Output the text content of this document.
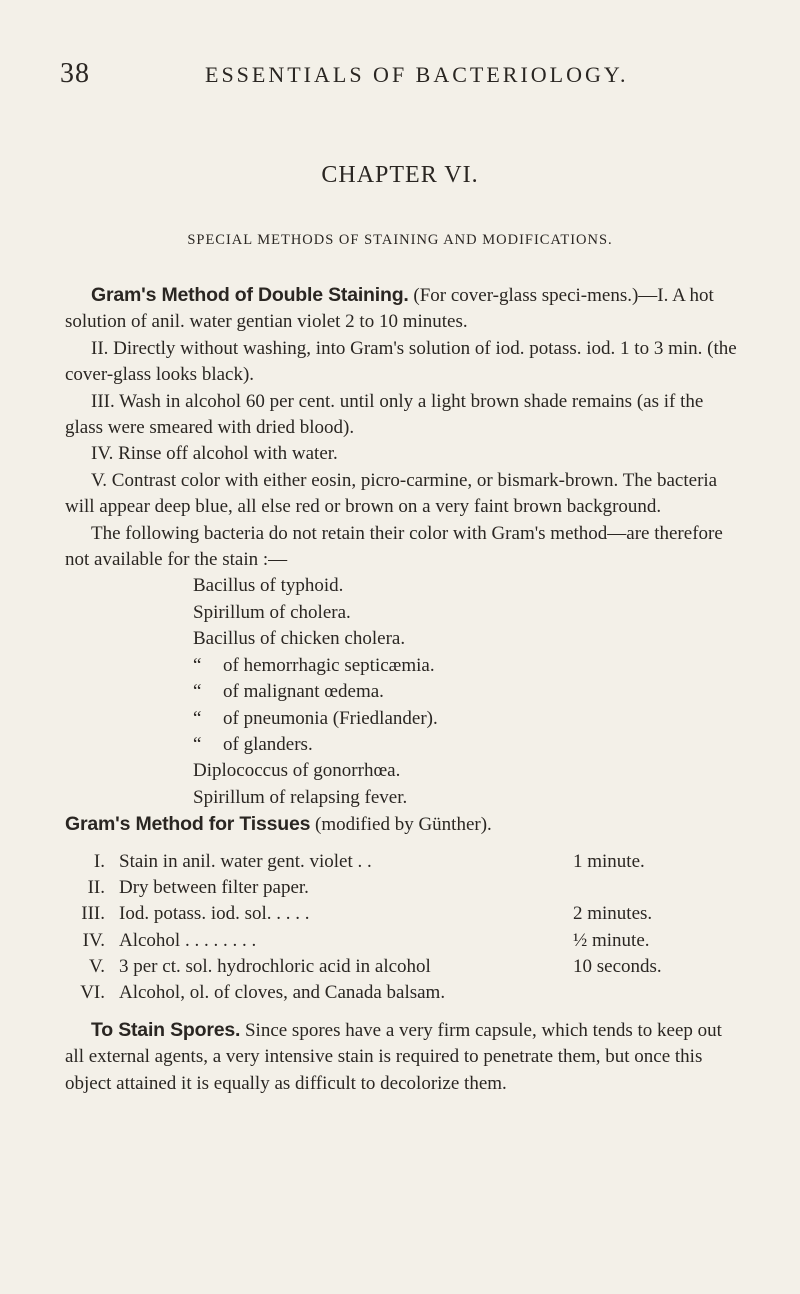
38	ESSENTIALS OF BACTERIOLOGY.
CHAPTER VI.
SPECIAL METHODS OF STAINING AND MODIFICATIONS.

Gram's Method of Double Staining. (For cover-glass speci-mens.)—I. A hot solution of anil. water gentian violet 2 to 10 minutes.

II. Directly without washing, into Gram's solution of iod. potass. iod. 1 to 3 min. (the cover-glass looks black).

III. Wash in alcohol 60 per cent. until only a light brown shade remains (as if the glass were smeared with dried blood).

IV. Rinse off alcohol with water.

V. Contrast color with either eosin, picro-carmine, or bismark-brown. The bacteria will appear deep blue, all else red or brown on a very faint brown background.

The following bacteria do not retain their color with Gram's method—are therefore not available for the stain :—

Bacillus of typhoid.

Spirillum of cholera.

Bacillus of chicken cholera.

“ of hemorrhagic septicæmia.

“ of malignant œdema.

“ of pneumonia (Friedlander).

“ of glanders.

Diplococcus of gonorrhœa.

Spirillum of relapsing fever.

Gram's Method for Tissues (modified by Günther).

I. Stain in anil. water gent. violet . .	1 minute.
II. Dry between filter paper.
III. Iod. potass. iod. sol. . . . .	2 minutes.
IV. Alcohol . . . . . . . .	½ minute.
V. 3 per ct. sol. hydrochloric acid in alcohol	10 seconds.
VI. Alcohol, ol. of cloves, and Canada balsam.

To Stain Spores. Since spores have a very firm capsule, which tends to keep out all external agents, a very intensive stain is required to penetrate them, but once this object attained it is equally as difficult to decolorize them.
